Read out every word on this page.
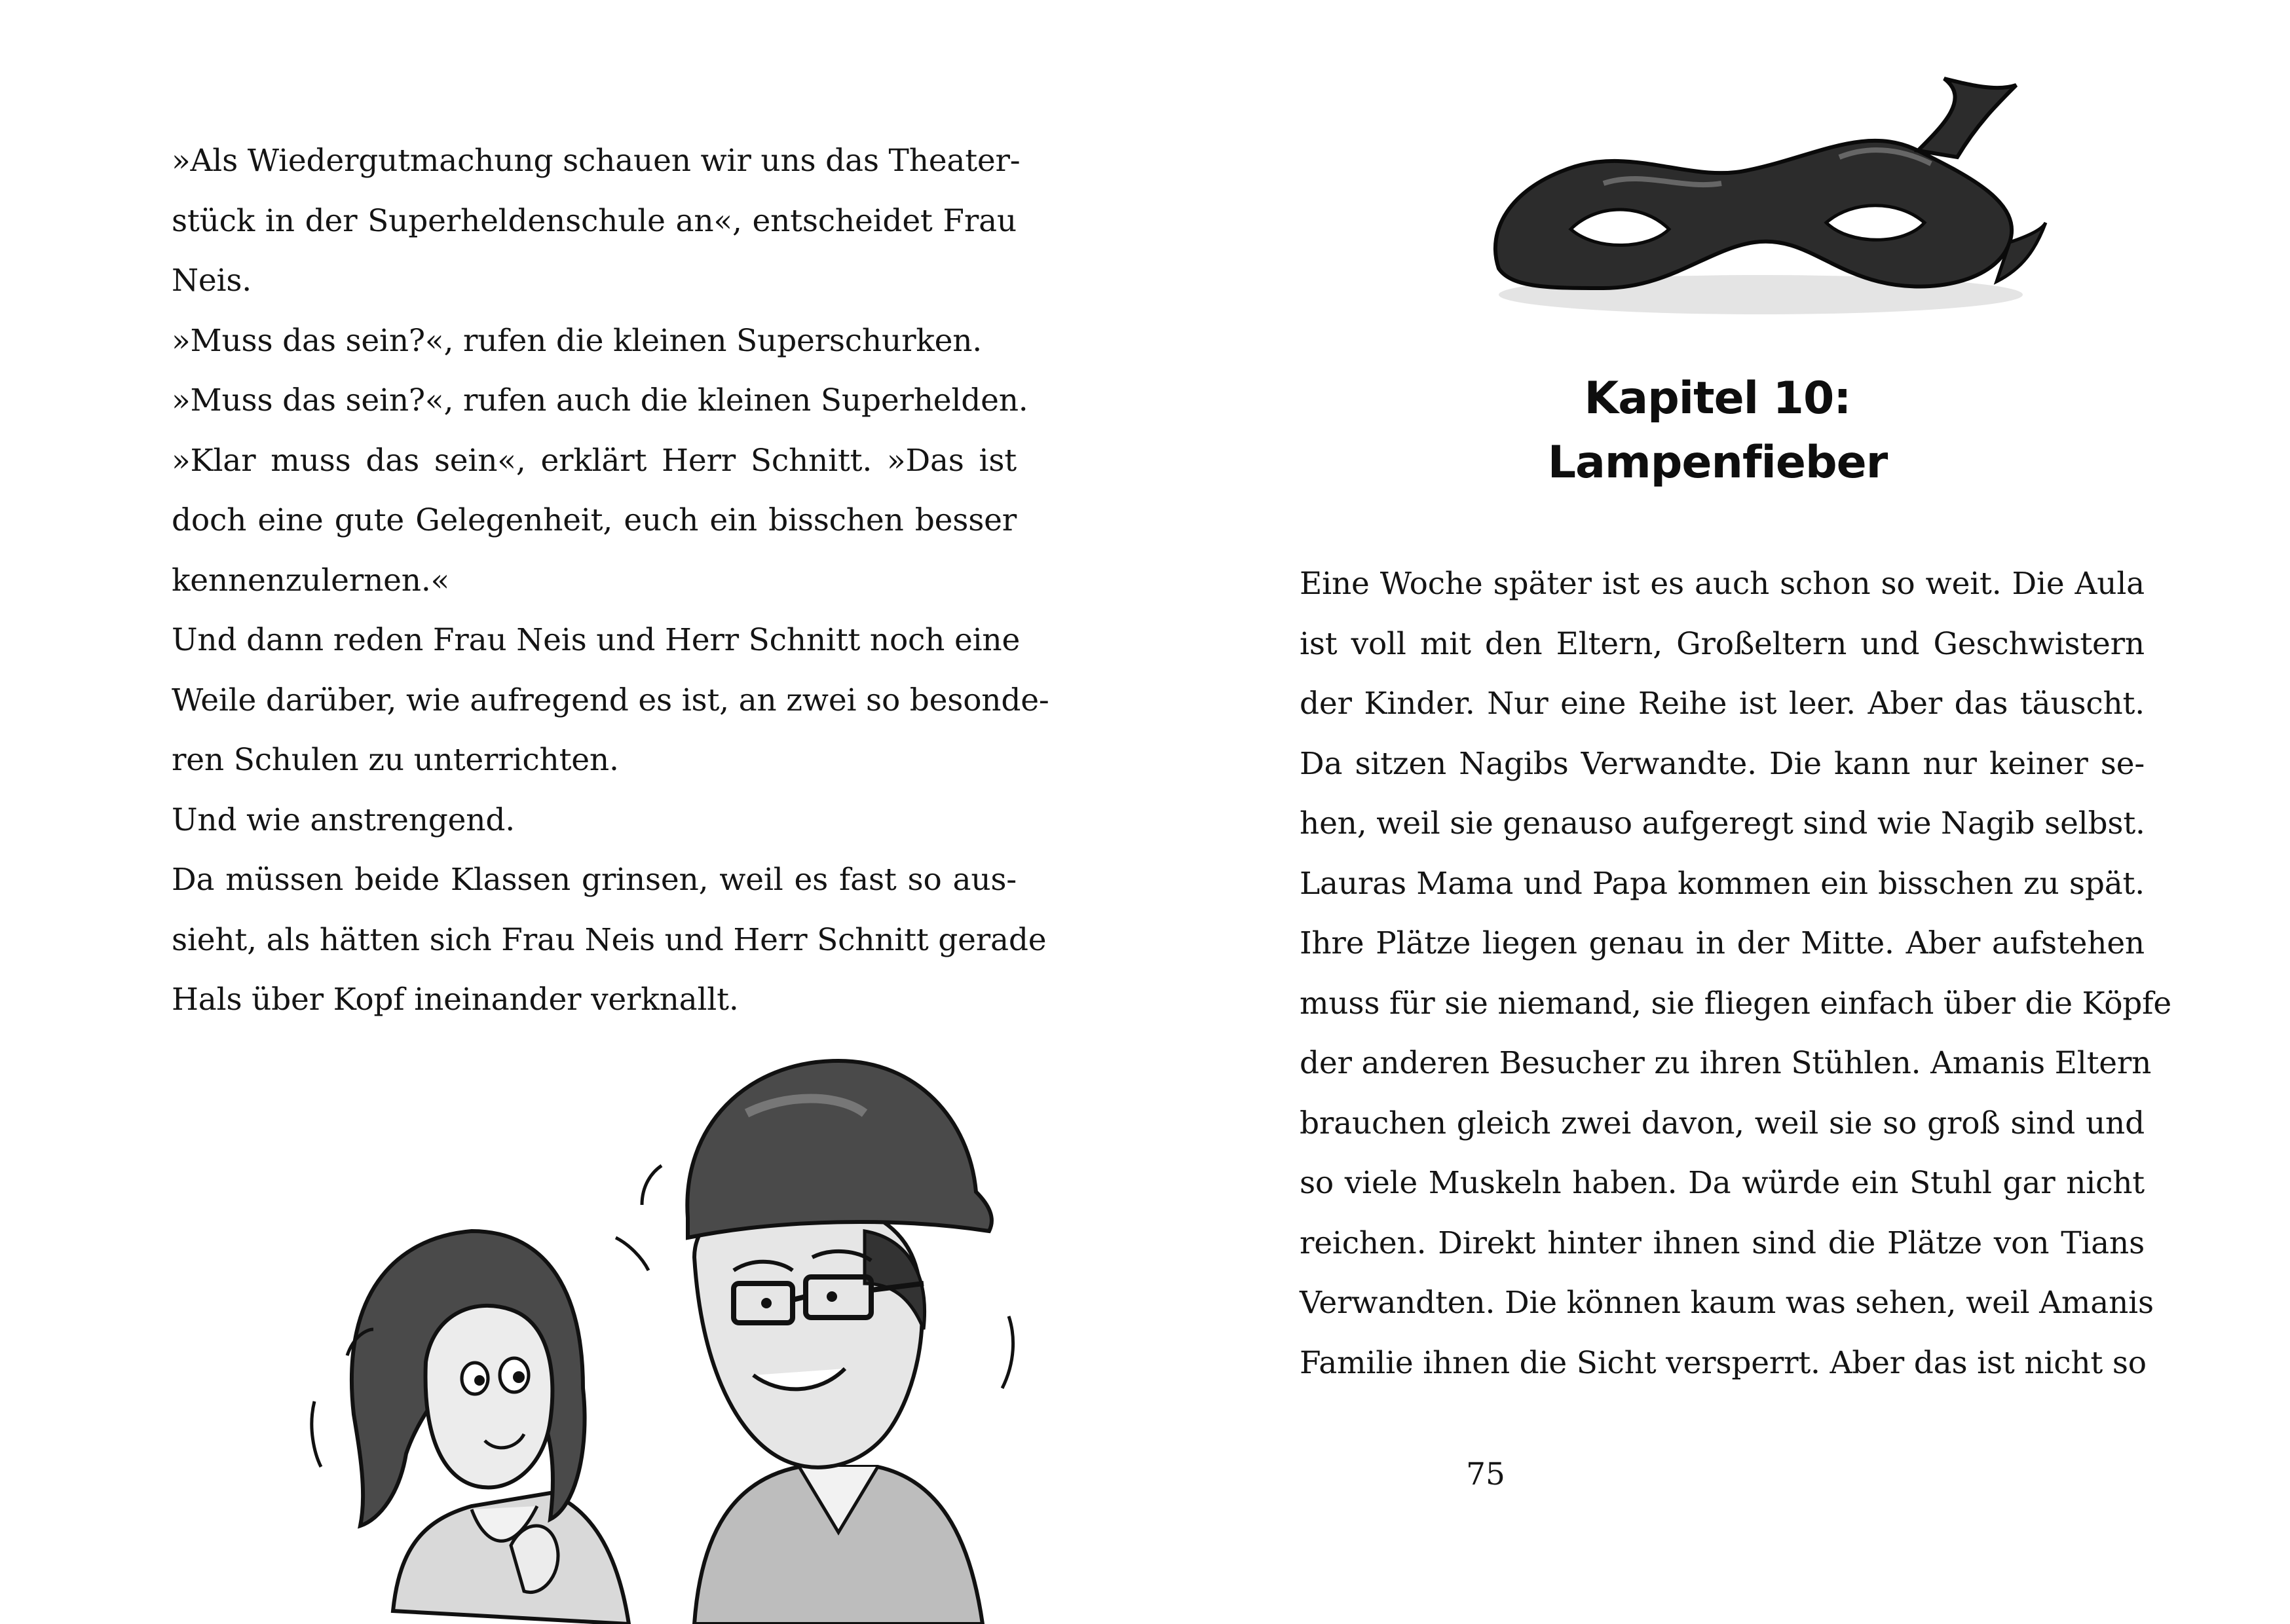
»Als Wiedergutmachung schauen wir uns das Theater-
stück in der Superheldenschule an«, entscheidet Frau
Neis.
»Muss das sein?«, rufen die kleinen Superschurken.
»Muss das sein?«, rufen auch die kleinen Superhelden.
»Klar muss das sein«, erklärt Herr Schnitt. »Das ist
doch eine gute Gelegenheit, euch ein bisschen besser
kennenzulernen.«
Und dann reden Frau Neis und Herr Schnitt noch eine
Weile darüber, wie aufregend es ist, an zwei so besonde-
ren Schulen zu unterrichten.
Und wie anstrengend.
Da müssen beide Klassen grinsen, weil es fast so aus-
sieht, als hätten sich Frau Neis und Herr Schnitt gerade
Hals über Kopf ineinander verknallt.
Kapitel 10:
Lampenfieber
Eine Woche später ist es auch schon so weit. Die Aula
ist voll mit den Eltern, Großeltern und Geschwistern
der Kinder. Nur eine Reihe ist leer. Aber das täuscht.
Da sitzen Nagibs Verwandte. Die kann nur keiner se-
hen, weil sie genauso aufgeregt sind wie Nagib selbst.
Lauras Mama und Papa kommen ein bisschen zu spät.
Ihre Plätze liegen genau in der Mitte. Aber aufstehen
muss für sie niemand, sie fliegen einfach über die Köpfe
der anderen Besucher zu ihren Stühlen. Amanis Eltern
brauchen gleich zwei davon, weil sie so groß sind und
so viele Muskeln haben. Da würde ein Stuhl gar nicht
reichen. Direkt hinter ihnen sind die Plätze von Tians
Verwandten. Die können kaum was sehen, weil Amanis
Familie ihnen die Sicht versperrt. Aber das ist nicht so
75
